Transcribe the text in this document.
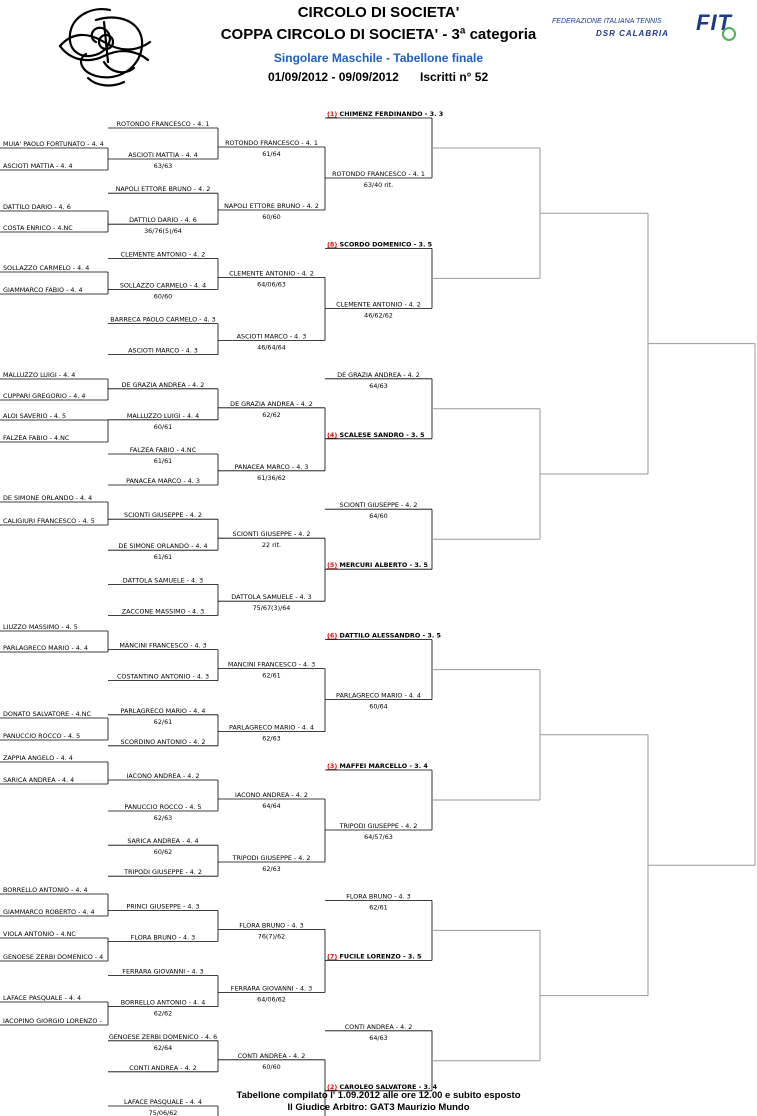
CIRCOLO DI SOCIETA'
COPPA CIRCOLO DI SOCIETA' - 3ª categoria
Singolare Maschile - Tabellone finale
01/09/2012 - 09/09/2012 Iscritti n° 52
FEDERAZIONE ITALIANA TENNIS FIT
DSR CALABRIA
MUIA' PAOLO FORTUNATO - 4. 4
ASCIOTI MATTIA - 4. 4
DATTILO DARIO - 4. 6
COSTA ENRICO - 4.NC
SOLLAZZO CARMELO - 4. 4
GIAMMARCO FABIO - 4. 4
MALLUZZO LUIGI - 4. 4
CUPPARI GREGORIO - 4. 4
ALOI SAVERIO - 4. 5
FALZEA FABIO - 4.NC
DE SIMONE ORLANDO - 4. 4
CALIGIURI FRANCESCO - 4. 5
LIUZZO MASSIMO - 4. 5
PARLAGRECO MARIO - 4. 4
DONATO SALVATORE - 4.NC
PANUCCIO ROCCO - 4. 5
ZAPPIA ANGELO - 4. 4
SARICA ANDREA - 4. 4
BORRELLO ANTONIO - 4. 4
GIAMMARCO ROBERTO - 4. 4
VIOLA ANTONIO - 4.NC
GENOESE ZERBI DOMENICO - 4
LAFACE PASQUALE - 4. 4
IACOPINO GIORGIO LORENZO -
ROTONDO FRANCESCO - 4. 1
ASCIOTI MATTIA - 4. 4
63/63
NAPOLI ETTORE BRUNO - 4. 2
DATTILO DARIO - 4. 6
36/76(5)/64
CLEMENTE ANTONIO - 4. 2
SOLLAZZO CARMELO - 4. 4
60/60
BARRECA PAOLO CARMELO - 4. 3
ASCIOTI MARCO - 4. 3
DE GRAZIA ANDREA - 4. 2
MALLUZZO LUIGI - 4. 4
60/61
FALZEA FABIO - 4.NC
61/61
PANACEA MARCO - 4. 3
SCIONTI GIUSEPPE - 4. 2
DE SIMONE ORLANDO - 4. 4
61/61
DATTOLA SAMUELE - 4. 3
ZACCONE MASSIMO - 4. 3
MANCINI FRANCESCO - 4. 3
COSTANTINO ANTONIO - 4. 3
PARLAGRECO MARIO - 4. 4
62/61
SCORDINO ANTONIO - 4. 2
IACONO ANDREA - 4. 2
PANUCCIO ROCCO - 4. 5
62/63
SARICA ANDREA - 4. 4
60/62
TRIPODI GIUSEPPE - 4. 2
PRINCI GIUSEPPE - 4. 3
FLORA BRUNO - 4. 3
FERRARA GIOVANNI - 4. 3
BORRELLO ANTONIO - 4. 4
62/62
GENOESE ZERBI DOMENICO - 4. 6
62/64
CONTI ANDREA - 4. 2
LAFACE PASQUALE - 4. 4
75/06/62
ROTONDO FRANCESCO - 4. 1
61/64
NAPOLI ETTORE BRUNO - 4. 2
60/60
CLEMENTE ANTONIO - 4. 2
64/06/63
ASCIOTI MARCO - 4. 3
46/64/64
DE GRAZIA ANDREA - 4. 2
62/62
PANACEA MARCO - 4. 3
61/36/62
SCIONTI GIUSEPPE - 4. 2
22 rit.
DATTOLA SAMUELE - 4. 3
75/67(3)/64
MANCINI FRANCESCO - 4. 3
62/61
PARLAGRECO MARIO - 4. 4
62/63
IACONO ANDREA - 4. 2
64/64
TRIPODI GIUSEPPE - 4. 2
62/63
FLORA BRUNO - 4. 3
76(7)/62
FERRARA GIOVANNI - 4. 3
64/06/62
CONTI ANDREA - 4. 2
60/60
(1) CHIMENZ FERDINANDO - 3. 3
ROTONDO FRANCESCO - 4. 1
63/40 rit.
(8) SCORDO DOMENICO - 3. 5
CLEMENTE ANTONIO - 4. 2
46/62/62
(4) SCALESE SANDRO - 3. 5
DE GRAZIA ANDREA - 4. 2
64/63
(5) MERCURI ALBERTO - 3. 5
SCIONTI GIUSEPPE - 4. 2
64/60
(6) DATTILO ALESSANDRO - 3. 5
PARLAGRECO MARIO - 4. 4
60/64
(3) MAFFEI MARCELLO - 3. 4
TRIPODI GIUSEPPE - 4. 2
64/57/63
(7) FUCILE LORENZO - 3. 5
FLORA BRUNO - 4. 3
62/61
(2) CAROLEO SALVATORE - 3. 4
CONTI ANDREA - 4. 2
64/63
Tabellone compilato l' 1.09.2012 alle ore 12.00 e subito esposto
Il Giudice Arbitro: GAT3 Maurizio Mundo
